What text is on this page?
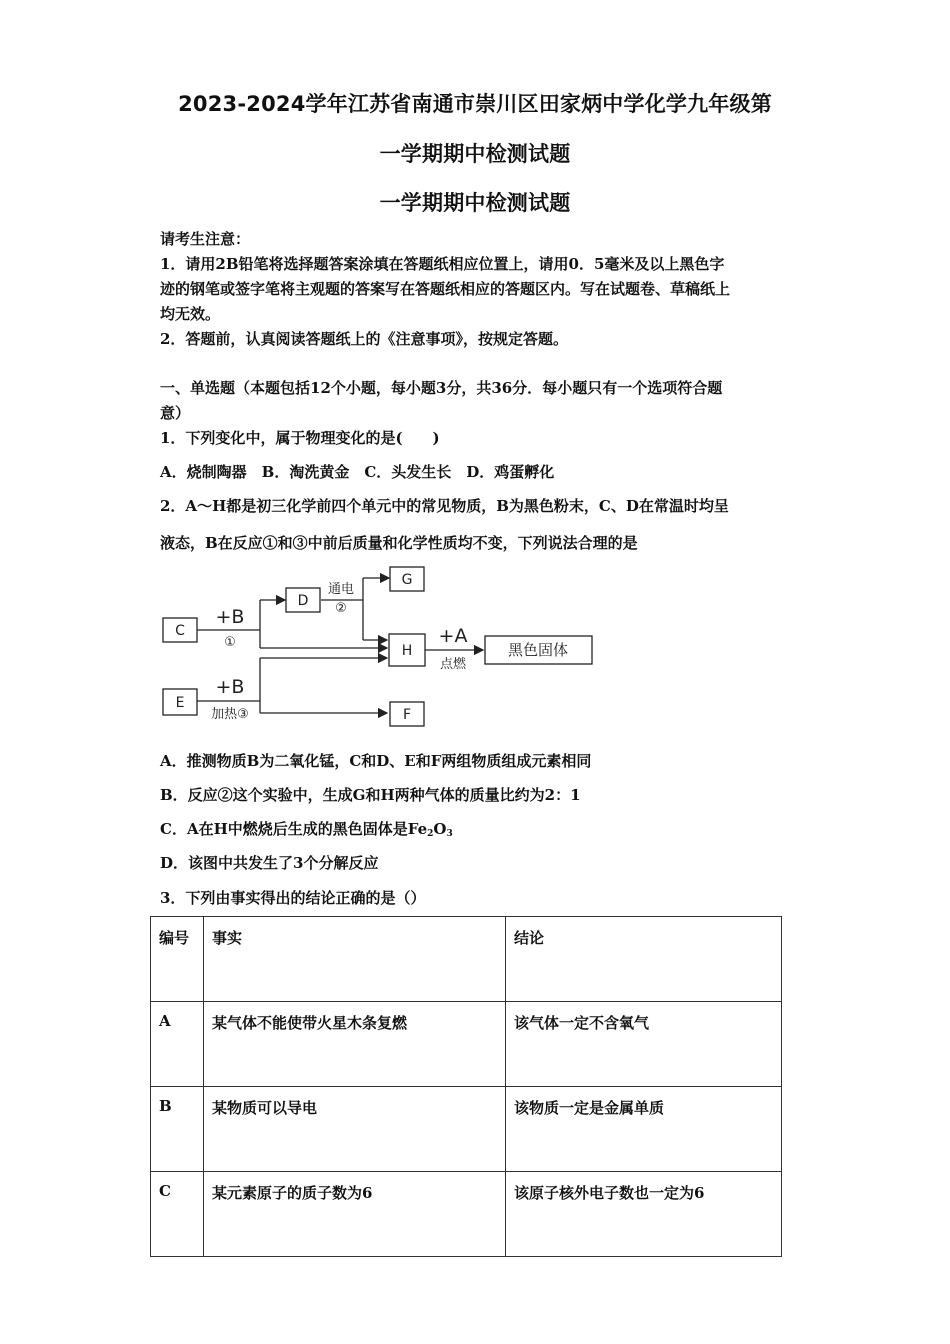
2023-2024学年江苏省南通市崇川区田家炳中学化学九年级第
一学期期中检测试题
一学期期中检测试题
请考生注意：
1．请用2B铅笔将选择题答案涂填在答题纸相应位置上，请用0．5毫米及以上黑色字
迹的钢笔或签字笔将主观题的答案写在答题纸相应的答题区内。写在试题卷、草稿纸上
均无效。
2．答题前，认真阅读答题纸上的《注意事项》，按规定答题。
一、单选题（本题包括12个小题，每小题3分，共36分．每小题只有一个选项符合题
意）
1．下列变化中，属于物理变化的是(　　)
A．烧制陶器　B．淘洗黄金　C．头发生长　D．鸡蛋孵化
2．A～H都是初三化学前四个单元中的常见物质，B为黑色粉末，C、D在常温时均呈
液态，B在反应①和③中前后质量和化学性质均不变，下列说法合理的是
C
D
G
H	黑色固体
E
F
+B
①
+B
加热③
通电
②
+A
点燃
A．推测物质B为二氧化锰，C和D、E和F两组物质组成元素相同
B．反应②这个实验中，生成G和H两种气体的质量比约为2：1
C．A在H中燃烧后生成的黑色固体是$Fe_2O_3$
D．该图中共发生了3个分解反应
3．下列由事实得出的结论正确的是（）
编号	事实	结论
A	某气体不能使带火星木条复燃	该气体一定不含氧气
B	某物质可以导电	该物质一定是金属单质
C	某元素原子的质子数为6	该原子核外电子数也一定为6
